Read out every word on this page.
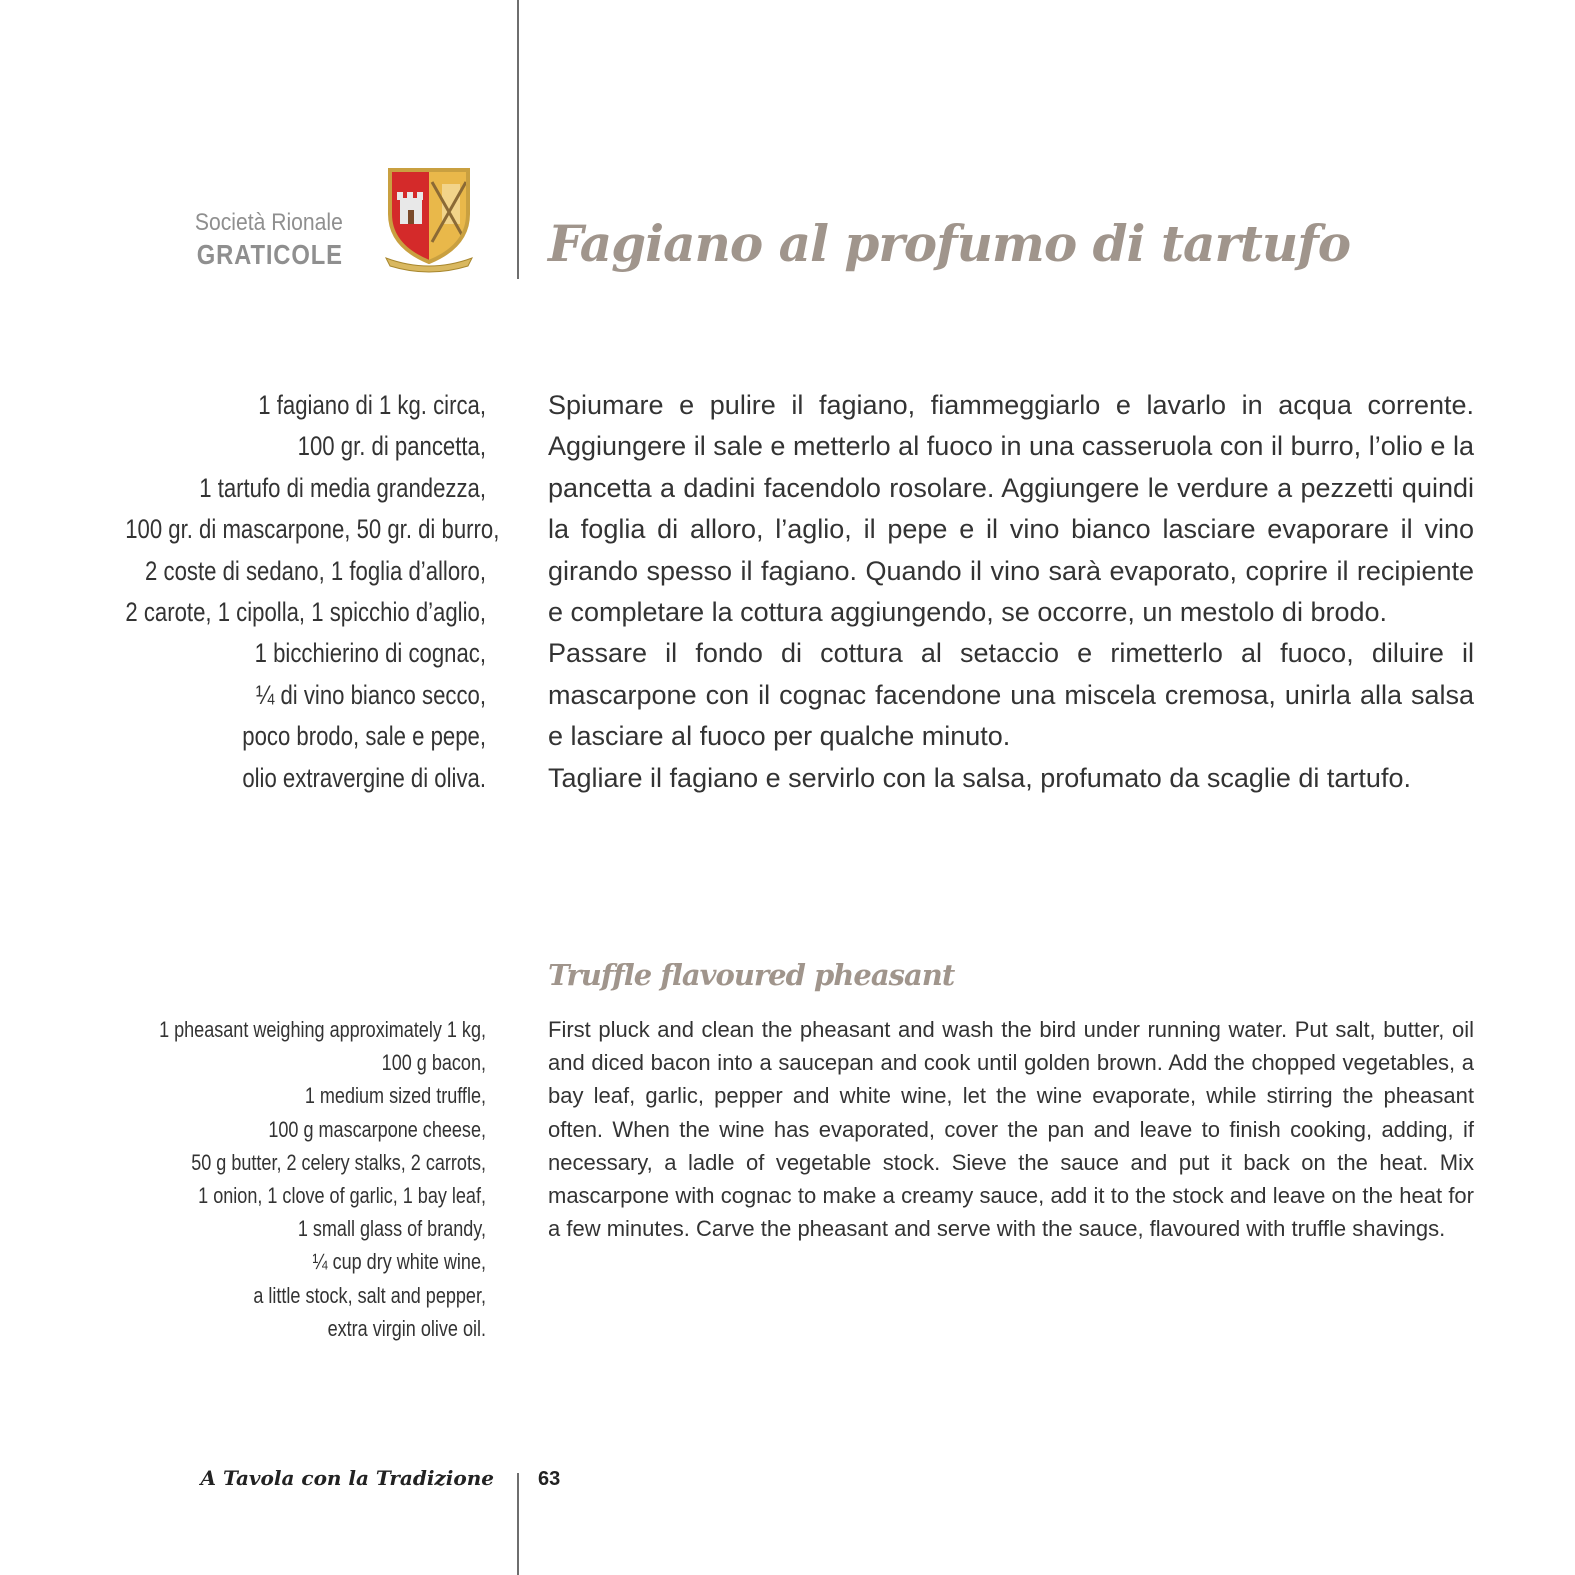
Società Rionale
GRATICOLE	Fagiano al profumo di tartufo
1 fagiano di 1 kg. circa,
100 gr. di pancetta,
1 tartufo di media grandezza,
100 gr. di mascarpone, 50 gr. di burro,
2 coste di sedano, 1 foglia d’alloro,
2 carote, 1 cipolla, 1 spicchio d’aglio,
1 bicchierino di cognac,
¼ di vino bianco secco,
poco brodo, sale e pepe,
olio extravergine di oliva.

Spiumare e pulire il fagiano, fiammeggiarlo e lavarlo in acqua corrente. Aggiungere il sale e metterlo al fuoco in una casseruola con il burro, l’olio e la pancetta a dadini facendolo rosolare. Aggiungere le verdure a pezzetti quindi la foglia di alloro, l’aglio, il pepe e il vino bianco lasciare evaporare il vino girando spesso il fagiano. Quando il vino sarà evaporato, coprire il recipiente e completare la cottura aggiungendo, se occorre, un mestolo di brodo.

Passare il fondo di cottura al setaccio e rimetterlo al fuoco, diluire il mascarpone con il cognac facendone una miscela cremosa, unirla alla salsa e lasciare al fuoco per qualche minuto.

Tagliare il fagiano e servirlo con la salsa, profumato da scaglie di tartufo.

Truffle flavoured pheasant
1 pheasant weighing approximately 1 kg,
100 g bacon,
1 medium sized truffle,
100 g mascarpone cheese,
50 g butter, 2 celery stalks, 2 carrots,
1 onion, 1 clove of garlic, 1 bay leaf,
1 small glass of brandy,
¼ cup dry white wine,
a little stock, salt and pepper,
extra virgin olive oil.
First pluck and clean the pheasant and wash the bird under running water. Put salt, butter, oil and diced bacon into a saucepan and cook until golden brown. Add the chopped vegetables, a bay leaf, garlic, pepper and white wine, let the wine evaporate, while stirring the pheasant often. When the wine has evaporated, cover the pan and leave to finish cooking, adding, if necessary, a ladle of vegetable stock. Sieve the sauce and put it back on the heat. Mix mascarpone with cognac to make a creamy sauce, add it to the stock and leave on the heat for a few minutes. Carve the pheasant and serve with the sauce, flavoured with truffle shavings.
A Tavola con la Tradizione 63
